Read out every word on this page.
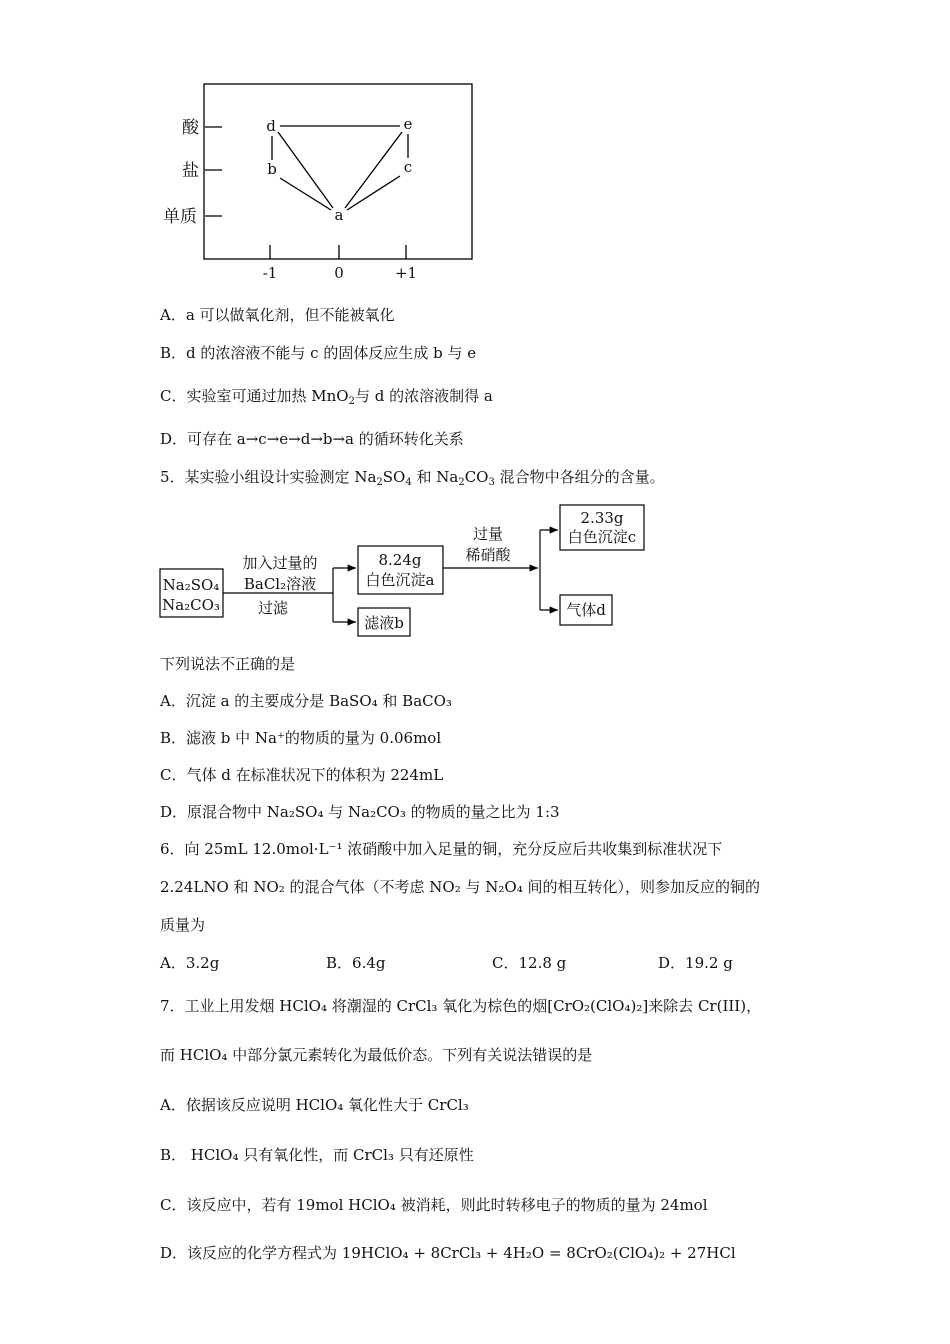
酸
盐
单质
-1	0	+1
d	e
b	c
a
A．a 可以做氧化剂，但不能被氧化
B．d 的浓溶液不能与 c 的固体反应生成 b 与 e
C．实验室可通过加热 MnO$_2$与 d 的浓溶液制得 a
D．可存在 a→c→e→d→b→a 的循环转化关系
5．某实验小组设计实验测定 $Na_2SO_4$ 和 $Na_2CO_3$ 混合物中各组分的含量。
Na₂SO₄
Na₂CO₃
加入过量的
BaCl₂溶液
过滤
8.24g
白色沉淀a
滤液b
过量
稀硝酸
2.33g
白色沉淀c
气体d
下列说法不正确的是
A．沉淀 a 的主要成分是 BaSO₄ 和 BaCO₃
B．滤液 b 中 Na⁺的物质的量为 0.06mol
C．气体 d 在标准状况下的体积为 224mL
D．原混合物中 Na₂SO₄ 与 Na₂CO₃ 的物质的量之比为 1:3
6．向 25mL 12.0mol·L⁻¹ 浓硝酸中加入足量的铜，充分反应后共收集到标准状况下
2.24LNO 和 NO₂ 的混合气体（不考虑 NO₂ 与 N₂O₄ 间的相互转化），则参加反应的铜的
质量为
A．3.2g	B．6.4g	C．12.8 g	D．19.2 g
7．工业上用发烟 HClO₄ 将潮湿的 CrCl₃ 氧化为棕色的烟[CrO₂(ClO₄)₂]来除去 Cr(III)，
而 HClO₄ 中部分氯元素转化为最低价态。下列有关说法错误的是
A．依据该反应说明 HClO₄ 氧化性大于 CrCl₃
B． HClO₄ 只有氧化性，而 CrCl₃ 只有还原性
C．该反应中，若有 19mol HClO₄ 被消耗，则此时转移电子的物质的量为 24mol
D．该反应的化学方程式为 19HClO₄ + 8CrCl₃ + 4H₂O = 8CrO₂(ClO₄)₂ + 27HCl
